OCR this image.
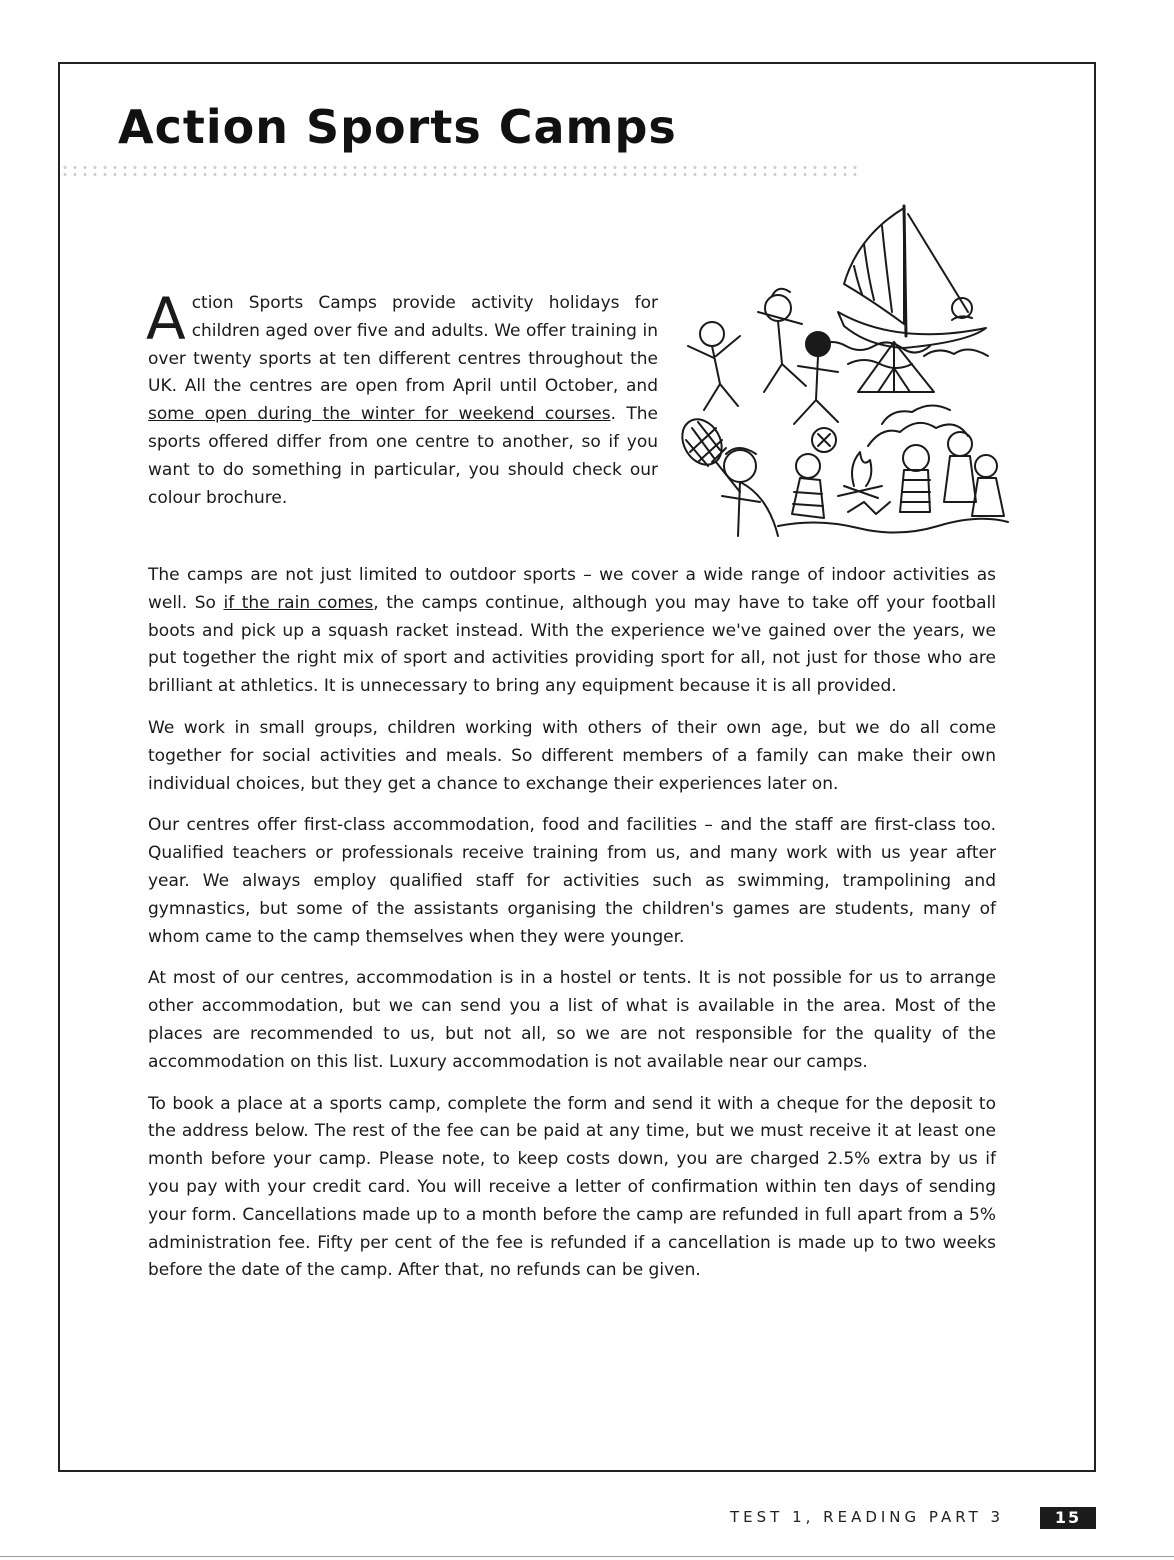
Action Sports Camps

Action Sports Camps provide activity holidays for children aged over five and adults. We offer training in over twenty sports at ten different centres throughout the UK. All the centres are open from April until October, and some open during the winter for weekend courses. The sports offered differ from one centre to another, so if you want to do something in particular, you should check our colour brochure.

The camps are not just limited to outdoor sports – we cover a wide range of indoor activities as well. So if the rain comes, the camps continue, although you may have to take off your football boots and pick up a squash racket instead. With the experience we've gained over the years, we put together the right mix of sport and activities providing sport for all, not just for those who are brilliant at athletics. It is unnecessary to bring any equipment because it is all provided.

We work in small groups, children working with others of their own age, but we do all come together for social activities and meals. So different members of a family can make their own individual choices, but they get a chance to exchange their experiences later on.

Our centres offer first-class accommodation, food and facilities – and the staff are first-class too. Qualified teachers or professionals receive training from us, and many work with us year after year. We always employ qualified staff for activities such as swimming, trampolining and gymnastics, but some of the assistants organising the children's games are students, many of whom came to the camp themselves when they were younger.

At most of our centres, accommodation is in a hostel or tents. It is not possible for us to arrange other accommodation, but we can send you a list of what is available in the area. Most of the places are recommended to us, but not all, so we are not responsible for the quality of the accommodation on this list. Luxury accommodation is not available near our camps.

To book a place at a sports camp, complete the form and send it with a cheque for the deposit to the address below. The rest of the fee can be paid at any time, but we must receive it at least one month before your camp. Please note, to keep costs down, you are charged 2.5% extra by us if you pay with your credit card. You will receive a letter of confirmation within ten days of sending your form. Cancellations made up to a month before the camp are refunded in full apart from a 5% administration fee. Fifty per cent of the fee is refunded if a cancellation is made up to two weeks before the date of the camp. After that, no refunds can be given.

TEST 1, READING PART 3	15
